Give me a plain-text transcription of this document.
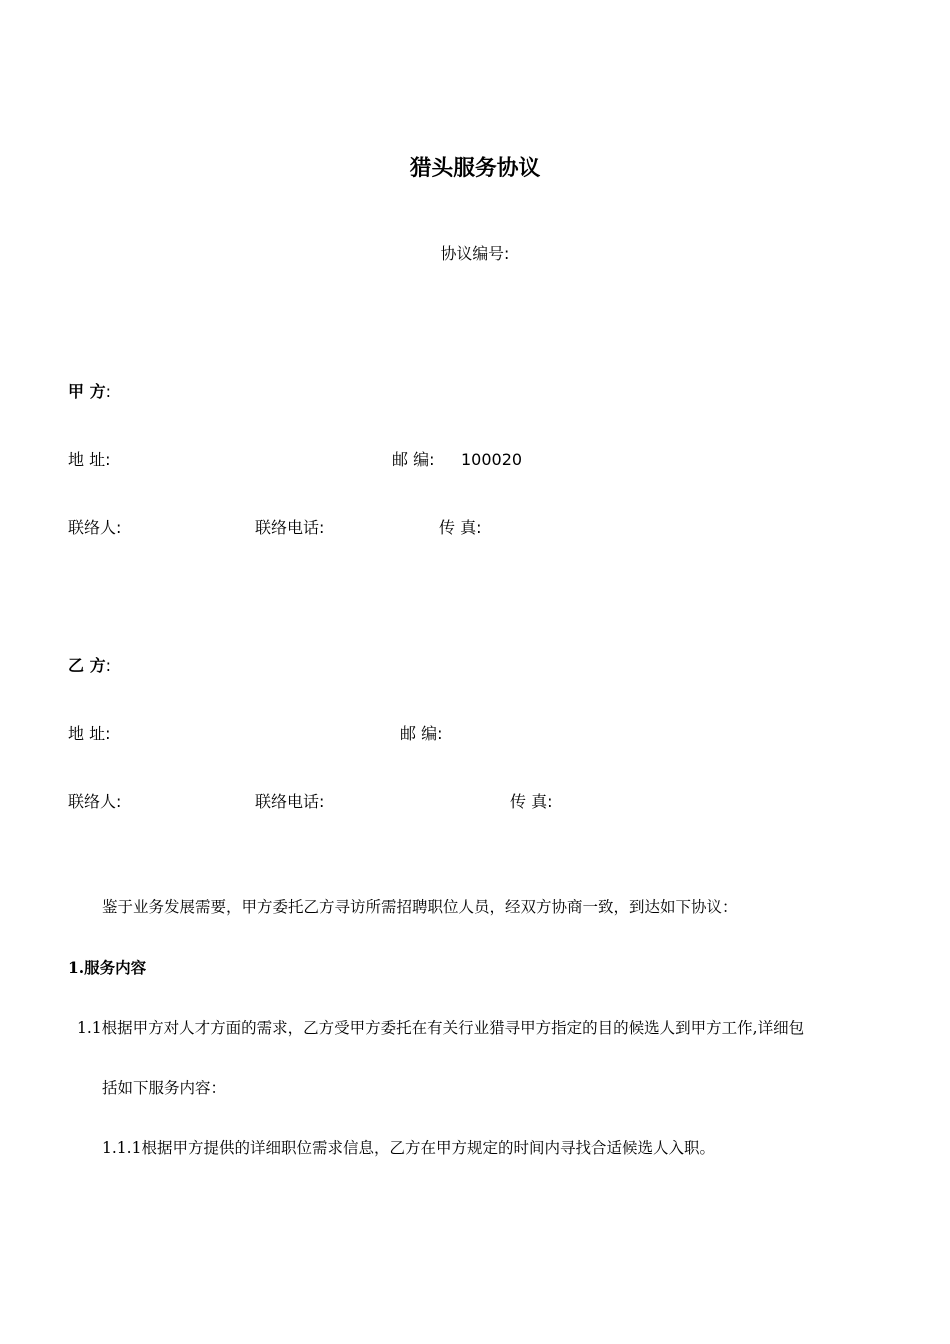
猎头服务协议
协议编号:
甲 方:
地 址:	邮 编: 100020
联络人:	联络电话:	传 真:
乙 方:
地 址:	邮 编:
联络人:	联络电话:	传 真:
鉴于业务发展需要，甲方委托乙方寻访所需招聘职位人员，经双方协商一致，到达如下协议：
1.服务内容
1.1根据甲方对人才方面的需求，乙方受甲方委托在有关行业猎寻甲方指定的目的候选人到甲方工作,详细包
括如下服务内容：
1.1.1根据甲方提供的详细职位需求信息，乙方在甲方规定的时间内寻找合适候选人入职。
